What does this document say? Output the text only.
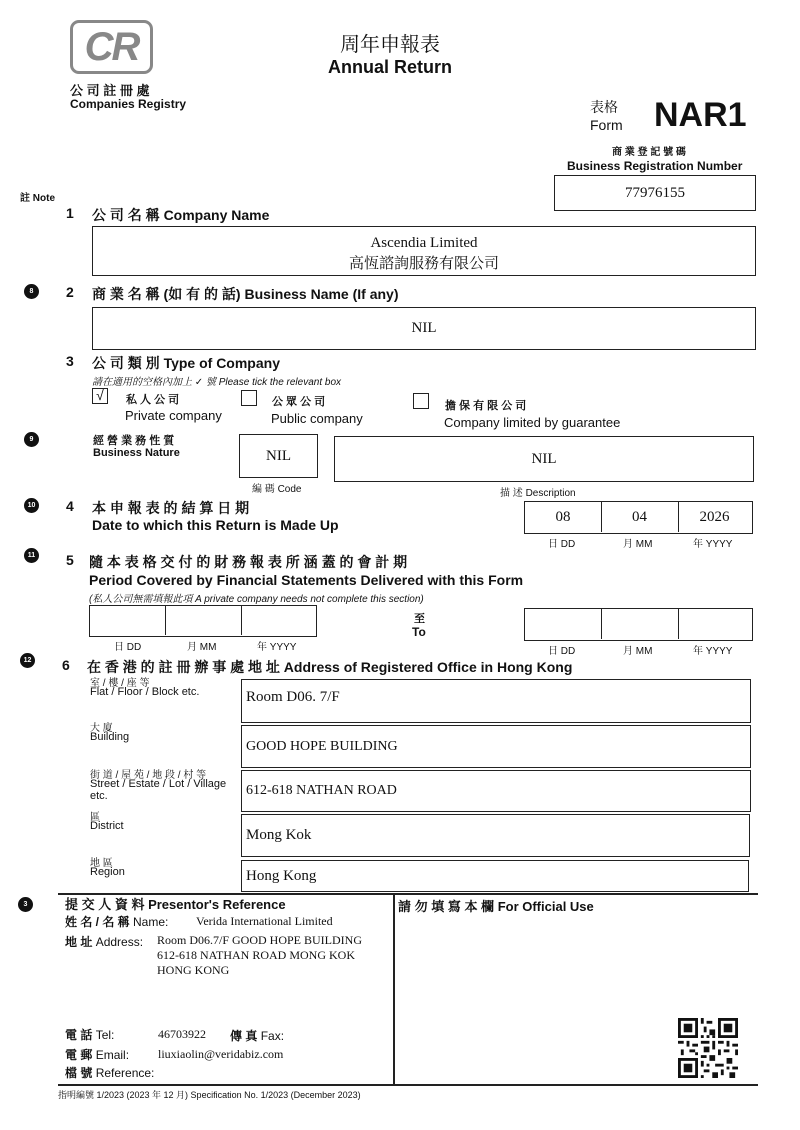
CR
公 司 註 冊 處
Companies Registry
周年申報表
Annual Return
表格
Form NAR1
商 業 登 記 號 碼
Business Registration Number
77976155
註 Note
1 公 司 名 稱 Company Name
Ascendia Limited
高恆諮詢服務有限公司
8	2 商 業 名 稱 (如 有 的 話) Business Name (If any)
NIL
3 公 司 類 別 Type of Company
請在適用的空格內加上 ✓ 號 Please tick the relevant box
√	私 人 公 司
Private company
公 眾 公 司
Public company
擔 保 有 限 公 司
Company limited by guarantee
9	經 營 業 務 性 質
Business Nature	NIL
編 碼 Code
NIL
描 述 Description
10 4 本 申 報 表 的 結 算 日 期
Date to which this Return is Made Up
08	04	2026
日 DD	月 MM	年 YYYY
11 5 隨 本 表 格 交 付 的 財 務 報 表 所 涵 蓋 的 會 計 期
Period Covered by Financial Statements Delivered with this Form
(私人公司無需填報此項 A private company needs not complete this section)
日 DD	月 MM	年 YYYY
至
To
日 DD	月 MM	年 YYYY
12 6 在 香 港 的 註 冊 辦 事 處 地 址 Address of Registered Office in Hong Kong
室 / 樓 / 座 等
Flat / Floor / Block etc.	Room D06. 7/F
大 廈
Building
GOOD HOPE BUILDING
街 道 / 屋 苑 / 地 段 / 村 等
Street / Estate / Lot / Village etc.	612-618 NATHAN ROAD
區
District
Mong Kok
地 區
Region	Hong Kong
3	提 交 人 資 料 Presentor's Reference
姓 名 / 名 稱 Name: Verida International Limited
地 址 Address: Room D06.7/F GOOD HOPE BUILDING
612-618 NATHAN ROAD MONG KOK
HONG KONG
電 話 Tel:	46703922 傳 真 Fax:
電 郵 Email: liuxiaolin@veridabiz.com
檔 號 Reference:
請 勿 填 寫 本 欄 For Official Use
指明編號 1/2023 (2023 年 12 月) Specification No. 1/2023 (December 2023)
